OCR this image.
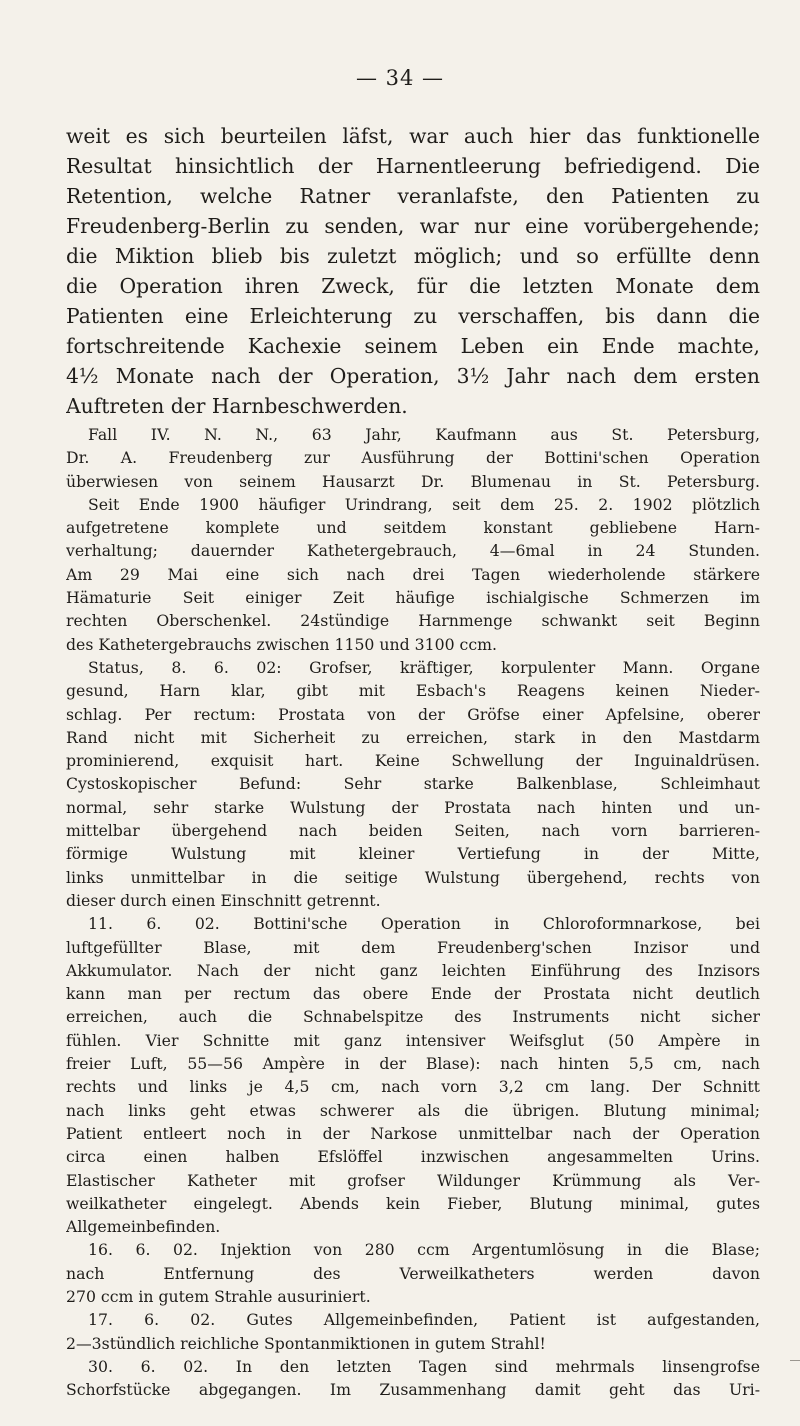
— 34 —
weit es sich beurteilen läfst, war auch hier das funktionelle
Resultat hinsichtlich der Harnentleerung befriedigend. Die
Retention, welche Ratner veranlafste, den Patienten zu
Freudenberg-Berlin zu senden, war nur eine vorübergehende;
die Miktion blieb bis zuletzt möglich; und so erfüllte denn
die Operation ihren Zweck, für die letzten Monate dem
Patienten eine Erleichterung zu verschaffen, bis dann die
fortschreitende Kachexie seinem Leben ein Ende machte,
4½ Monate nach der Operation, 3½ Jahr nach dem ersten
Auftreten der Harnbeschwerden.
Fall IV. N. N., 63 Jahr, Kaufmann aus St. Petersburg,
Dr. A. Freudenberg zur Ausführung der Bottini'schen Operation
überwiesen von seinem Hausarzt Dr. Blumenau in St. Petersburg.
Seit Ende 1900 häufiger Urindrang, seit dem 25. 2. 1902 plötzlich
aufgetretene komplete und seitdem konstant gebliebene Harn-
verhaltung; dauernder Kathetergebrauch, 4—6mal in 24 Stunden.
Am 29 Mai eine sich nach drei Tagen wiederholende stärkere
Hämaturie Seit einiger Zeit häufige ischialgische Schmerzen im
rechten Oberschenkel. 24stündige Harnmenge schwankt seit Beginn
des Kathetergebrauchs zwischen 1150 und 3100 ccm.
Status, 8. 6. 02: Grofser, kräftiger, korpulenter Mann. Organe
gesund, Harn klar, gibt mit Esbach's Reagens keinen Nieder-
schlag. Per rectum: Prostata von der Gröfse einer Apfelsine, oberer
Rand nicht mit Sicherheit zu erreichen, stark in den Mastdarm
prominierend, exquisit hart. Keine Schwellung der Inguinaldrüsen.
Cystoskopischer Befund: Sehr starke Balkenblase, Schleimhaut
normal, sehr starke Wulstung der Prostata nach hinten und un-
mittelbar übergehend nach beiden Seiten, nach vorn barrieren-
förmige Wulstung mit kleiner Vertiefung in der Mitte,
links unmittelbar in die seitige Wulstung übergehend, rechts von
dieser durch einen Einschnitt getrennt.
11. 6. 02. Bottini'sche Operation in Chloroformnarkose, bei
luftgefüllter Blase, mit dem Freudenberg'schen Inzisor und
Akkumulator. Nach der nicht ganz leichten Einführung des Inzisors
kann man per rectum das obere Ende der Prostata nicht deutlich
erreichen, auch die Schnabelspitze des Instruments nicht sicher
fühlen. Vier Schnitte mit ganz intensiver Weifsglut (50 Ampère in
freier Luft, 55—56 Ampère in der Blase): nach hinten 5,5 cm, nach
rechts und links je 4,5 cm, nach vorn 3,2 cm lang. Der Schnitt
nach links geht etwas schwerer als die übrigen. Blutung minimal;
Patient entleert noch in der Narkose unmittelbar nach der Operation
circa einen halben Efslöffel inzwischen angesammelten Urins.
Elastischer Katheter mit grofser Wildunger Krümmung als Ver-
weilkatheter eingelegt. Abends kein Fieber, Blutung minimal, gutes
Allgemeinbefinden.
16. 6. 02. Injektion von 280 ccm Argentumlösung in die Blase;
nach Entfernung des Verweilkatheters werden davon
270 ccm in gutem Strahle ausuriniert.
17. 6. 02. Gutes Allgemeinbefinden, Patient ist aufgestanden,
2—3stündlich reichliche Spontanmiktionen in gutem Strahl!
30. 6. 02. In den letzten Tagen sind mehrmals linsengrofse
Schorfstücke abgegangen. Im Zusammenhang damit geht das Uri-
